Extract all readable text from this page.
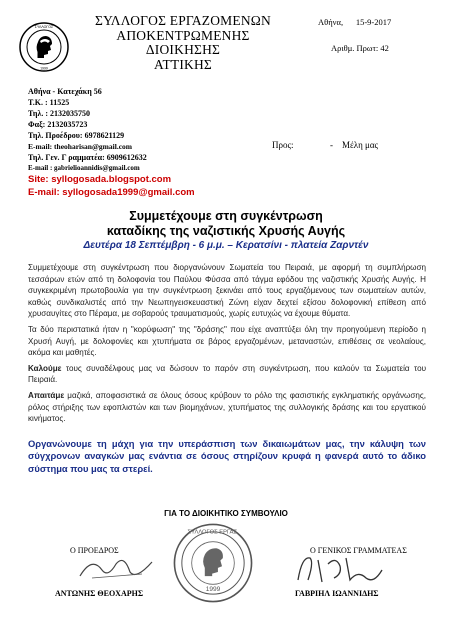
ΣΥΛΛΟΓΟΣ
1999
ΣΥΛΛΟΓΟΣ ΕΡΓΑΖΟΜΕΝΩΝ
ΑΠΟΚΕΝΤΡΩΜΕΝΗΣ
ΔΙΟΙΚΗΣΗΣ
ΑΤΤΙΚΗΣ
Αθήνα,      15-9-2017
Αριθμ. Πρωτ: 42
Αθήνα - Κατεχάκη 56
Τ.Κ. : 11525
Τηλ. : 2132035750
Φαξ: 2132035723
Τηλ. Προέδρου: 6978621129
E-mail: theoharisan@gmail.com
Τηλ. Γεν. Γ ραμματέα: 6909612632
E-mail : gabrielioannidis@gmail.com
Site: syllogosada.blogspot.com
E-mail: syllogosada1999@gmail.com
Προς:	-    Μέλη μας
Συμμετέχουμε στη συγκέντρωση
καταδίκης της ναζιστικής Χρυσής Αυγής
Δευτέρα 18 Σεπτέμβρη - 6 μ.μ. – Κερατσίνι - πλατεία Ζαρντέν

Συμμετέχουμε στη συγκέντρωση που διοργανώνουν Σωματεία του Πειραιά, με αφορμή τη συμπλήρωση τεσσάρων ετών από τη δολοφονία του Παύλου Φύσσα από τάγμα εφόδου της ναζιστικής Χρυσής Αυγής. Η συγκεκριμένη πρωτοβουλία για την συγκέντρωση ξεκινάει από τους εργαζόμενους των σωματείων αυτών, καθώς συνδικαλιστές από την Νεωπηγεισκευαστική Ζώνη είχαν δεχτεί εξίσου δολοφονική επίθεση από χρυσαυγίτες στο Πέραμα, με σοβαρούς τραυματισμούς, χωρίς ευτυχώς να έχουμε θύματα.

Τα δύο περιστατικά ήταν η "κορύφωση" της "δράσης" που είχε αναπτύξει όλη την προηγούμενη περίοδο η Χρυσή Αυγή, με δολοφονίες και χτυπήματα σε βάρος εργαζομένων, μεταναστών, επιθέσεις σε νεολαίους, ακόμα και μαθητές.

Καλούμε τους συναδέλφους μας να δώσουν το παρόν στη συγκέντρωση, που καλούν τα Σωματεία του Πειραιά.

Απαιτάμε μαζικά, αποφασιστικά σε όλους όσους κρύβουν το ρόλο της φασιστικής εγκληματικής οργάνωσης, ρόλος στήριξης των εφοπλιστών και των βιομηχάνων, χτυπήματος της συλλογικής δράσης και του εργατικού κινήματος.

Οργανώνουμε τη μάχη για την υπεράσπιση των δικαιωμάτων μας, την κάλυψη των σύγχρονων αναγκών μας ενάντια σε όσους στηρίζουν κρυφά η φανερά αυτό το άδικο σύστημα που μας τα στερεί.
ΓΙΑ ΤΟ ΔΙΟΙΚΗΤΙΚΟ ΣΥΜΒΟΥΛΙΟ
Ο ΠΡΟΕΔΡΟΣ	Ο ΓΕΝΙΚΟΣ ΓΡΑΜΜΑΤΕΑΣ
ΣΥΛΛΟΓΟΣ ΕΡΓΑΖ.
1999
ΑΝΤΩΝΗΣ ΘΕΟΧΑΡΗΣ	ΓΑΒΡΙΗΛ ΙΩΑΝΝΙΔΗΣ
